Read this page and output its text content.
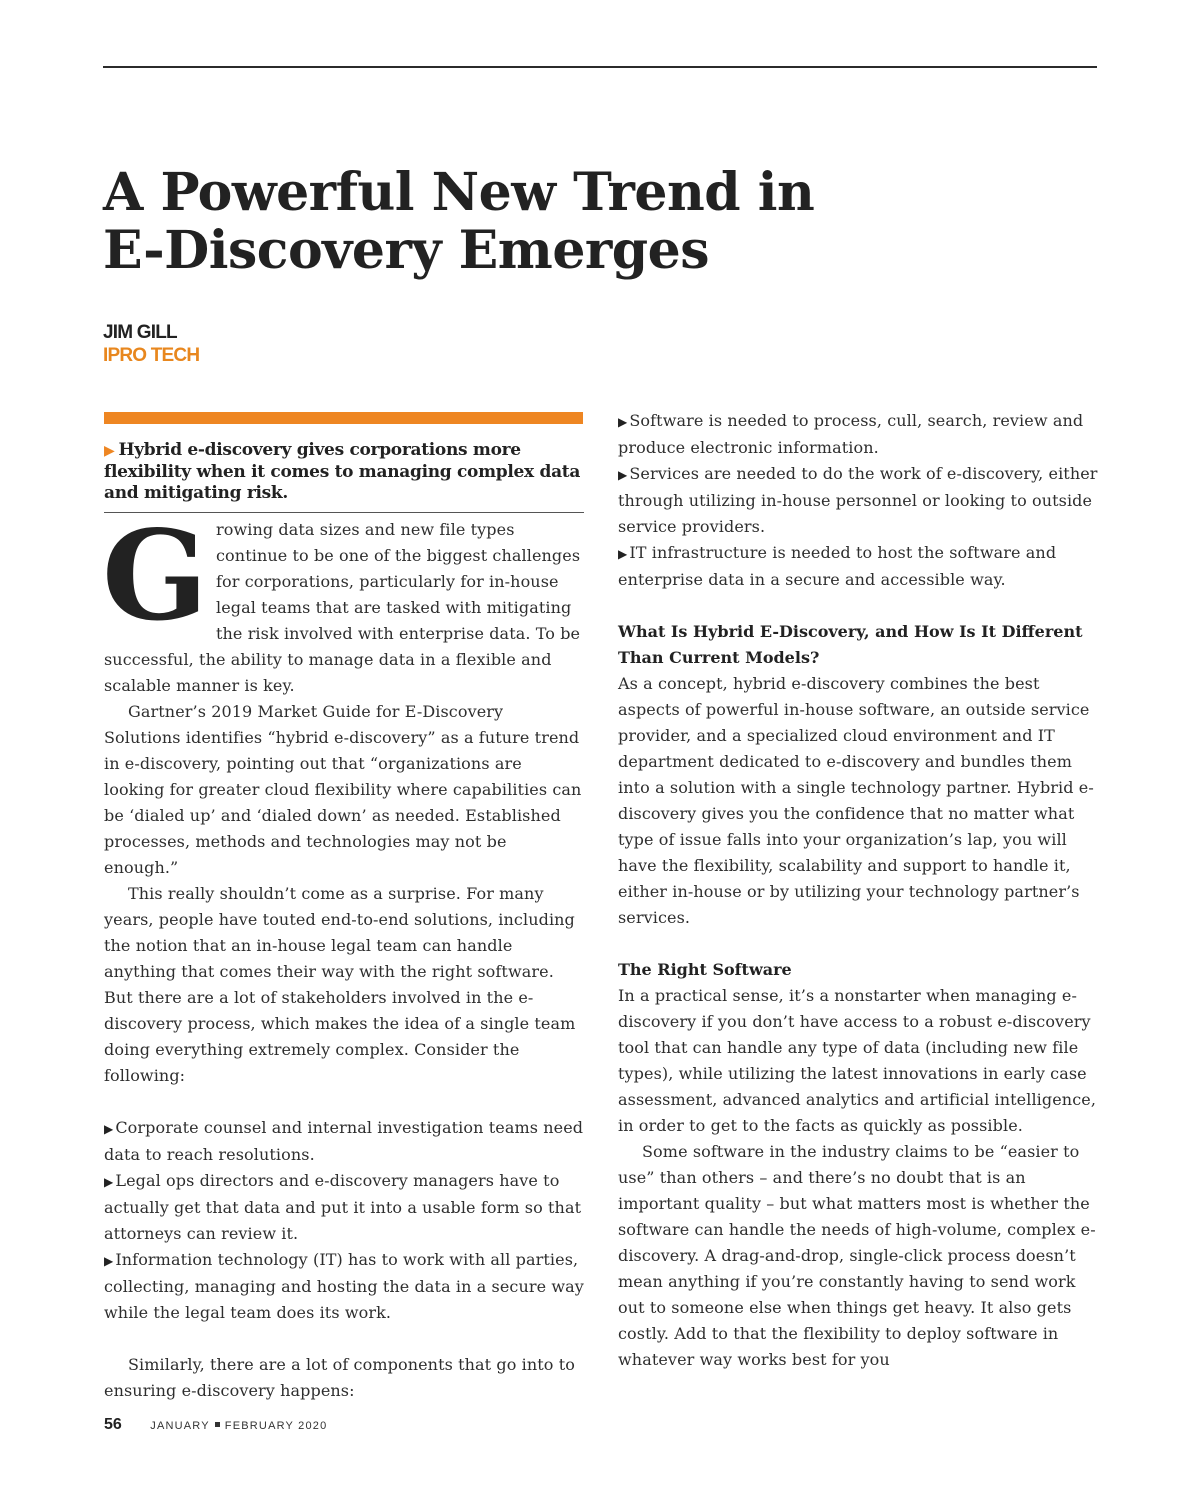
A Powerful New Trend in
E-Discovery Emerges
JIM GILL
IPRO TECH

▶ Hybrid e-discovery gives corporations more flexibility when it comes to managing complex data and mitigating risk.

Growing data sizes and new file types continue to be one of the biggest challenges for corporations, particularly for in-house legal teams that are tasked with mitigating the risk involved with enterprise data. To be successful, the ability to manage data in a flexible and scalable manner is key.

Gartner’s 2019 Market Guide for E-Discovery Solutions identifies “hybrid e-discovery” as a future trend in e-discovery, pointing out that “organizations are looking for greater cloud flexibility where capabilities can be ‘dialed up’ and ‘dialed down’ as needed. Established processes, methods and technologies may not be enough.”

This really shouldn’t come as a surprise. For many years, people have touted end-to-end solutions, including the notion that an in-house legal team can handle anything that comes their way with the right software. But there are a lot of stakeholders involved in the e-discovery process, which makes the idea of a single team doing everything extremely complex. Consider the following:

▶ Corporate counsel and internal investigation teams need data to reach resolutions.

▶ Legal ops directors and e-discovery managers have to actually get that data and put it into a usable form so that attorneys can review it.

▶ Information technology (IT) has to work with all parties, collecting, managing and hosting the data in a secure way while the legal team does its work.

Similarly, there are a lot of components that go into to ensuring e-discovery happens:

▶ Software is needed to process, cull, search, review and produce electronic information.

▶ Services are needed to do the work of e-discovery, either through utilizing in-house personnel or looking to outside service providers.

▶ IT infrastructure is needed to host the software and enterprise data in a secure and accessible way.

What Is Hybrid E-Discovery, and How Is It Different Than Current Models?

As a concept, hybrid e-discovery combines the best aspects of powerful in-house software, an outside service provider, and a specialized cloud environment and IT department dedicated to e-discovery and bundles them into a solution with a single technology partner. Hybrid e-discovery gives you the confidence that no matter what type of issue falls into your organization’s lap, you will have the flexibility, scalability and support to handle it, either in-house or by utilizing your technology partner’s services.

The Right Software

In a practical sense, it’s a nonstarter when managing e-discovery if you don’t have access to a robust e-discovery tool that can handle any type of data (including new file types), while utilizing the latest innovations in early case assessment, advanced analytics and artificial intelligence, in order to get to the facts as quickly as possible.

Some software in the industry claims to be “easier to use” than others – and there’s no doubt that is an important quality – but what matters most is whether the software can handle the needs of high-volume, complex e-discovery. A drag-and-drop, single-click process doesn’t mean anything if you’re constantly having to send work out to someone else when things get heavy. It also gets costly. Add to that the flexibility to deploy software in whatever way works best for you

56	JANUARY FEBRUARY 2020
